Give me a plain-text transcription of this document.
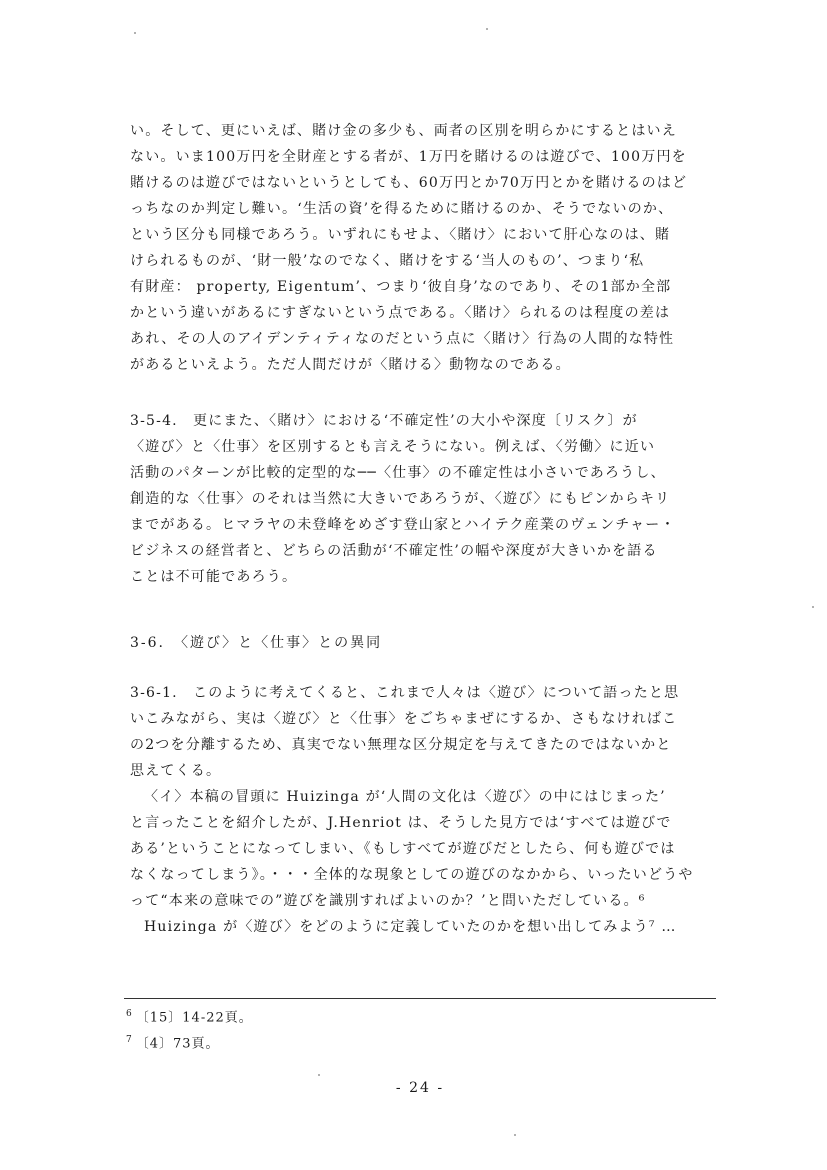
い。そして、更にいえば、賭け金の多少も、両者の区別を明らかにするとはいえ
ない。いま100万円を全財産とする者が、1万円を賭けるのは遊びで、100万円を
賭けるのは遊びではないというとしても、60万円とか70万円とかを賭けるのはど
っちなのか判定し難い。‘生活の資’を得るために賭けるのか、そうでないのか、
という区分も同様であろう。いずれにもせよ、〈賭け〉において肝心なのは、賭
けられるものが、‘財一般’なのでなく、賭けをする‘当人のもの’、つまり‘私
有財産： property, Eigentum’、つまり‘彼自身’なのであり、その1部か全部
かという違いがあるにすぎないという点である。〈賭け〉られるのは程度の差は
あれ、その人のアイデンティティなのだという点に〈賭け〉行為の人間的な特性
があるといえよう。ただ人間だけが〈賭ける〉動物なのである。
3-5-4.　更にまた、〈賭け〉における‘不確定性’の大小や深度〔リスク〕が
〈遊び〉と〈仕事〉を区別するとも言えそうにない。例えば、〈労働〉に近い
活動のパターンが比較的定型的な──〈仕事〉の不確定性は小さいであろうし、
創造的な〈仕事〉のそれは当然に大きいであろうが、〈遊び〉にもピンからキリ
までがある。ヒマラヤの未登峰をめざす登山家とハイテク産業のヴェンチャー・
ビジネスの経営者と、どちらの活動が‘不確定性’の幅や深度が大きいかを語る
ことは不可能であろう。
3-6.　〈遊び〉と〈仕事〉との異同
3-6-1.　このように考えてくると、これまで人々は〈遊び〉について語ったと思
いこみながら、実は〈遊び〉と〈仕事〉をごちゃまぜにするか、さもなければこ
の2つを分離するため、真実でない無理な区分規定を与えてきたのではないかと
思えてくる。
〈イ〉本稿の冒頭に Huizinga が‘人間の文化は〈遊び〉の中にはじまった’
と言ったことを紹介したが、J.Henriot は、そうした見方では‘すべては遊びで
ある’ということになってしまい、《もしすべてが遊びだとしたら、何も遊びでは
なくなってしまう》。・・・全体的な現象としての遊びのなかから、いったいどうや
って“本来の意味での”遊びを識別すればよいのか？’と問いただしている。⁶
Huizinga が〈遊び〉をどのように定義していたのかを想い出してみよう⁷ …
$^6$ 〔15〕14-22頁。
$^7$ 〔4〕73頁。
- 24 -
